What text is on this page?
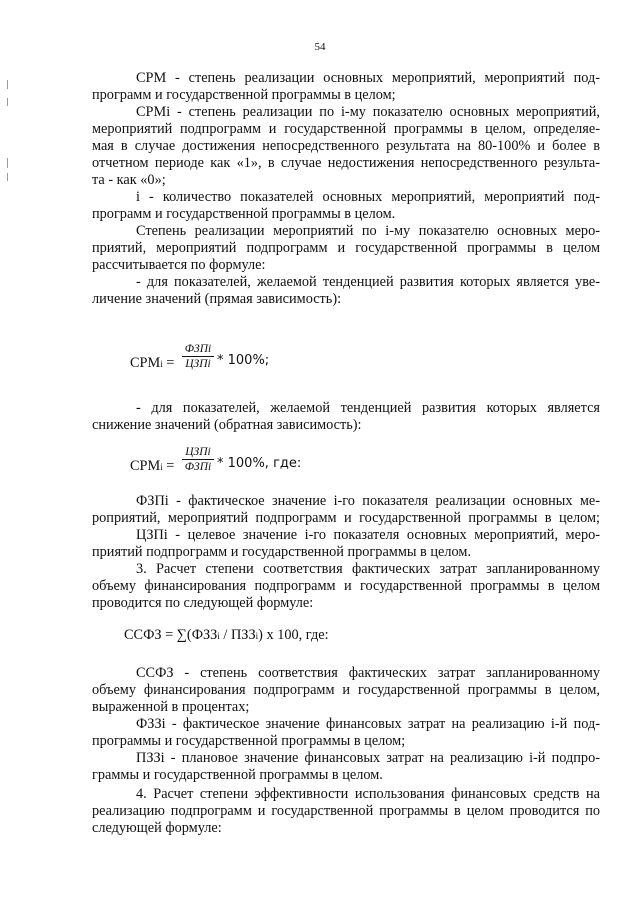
54
СРМ - степень реализации основных мероприятий, мероприятий под-
программ и государственной программы в целом;
СРМi - степень реализации по i-му показателю основных мероприятий,
мероприятий подпрограмм и государственной программы в целом, определяе-
мая в случае достижения непосредственного результата на 80-100% и более в
отчетном периоде как «1», в случае недостижения непосредственного результа-
та - как «0»;
i - количество показателей основных мероприятий, мероприятий под-
программ и государственной программы в целом.
Степень реализации мероприятий по i-му показателю основных меро-
приятий, мероприятий подпрограмм и государственной программы в целом
рассчитывается по формуле:
- для показателей, желаемой тенденцией развития которых является уве-
личение значений (прямая зависимость):
СРМi =
ФЗПi
ЦЗПi * 100%;
- для показателей, желаемой тенденцией развития которых является
снижение значений (обратная зависимость):
СРМi =
ЦЗПi
ФЗПi * 100%, где:
ФЗПi - фактическое значение i-го показателя реализации основных ме-
роприятий, мероприятий подпрограмм и государственной программы в целом;
ЦЗПi - целевое значение i-го показателя основных мероприятий, меро-
приятий подпрограмм и государственной программы в целом.
3. Расчет степени соответствия фактических затрат запланированному
объему финансирования подпрограмм и государственной программы в целом
проводится по следующей формуле:
ССФЗ = ∑(ФЗЗi / ПЗЗi) х 100, где:
ССФЗ - степень соответствия фактических затрат запланированному
объему финансирования подпрограмм и государственной программы в целом,
выраженной в процентах;
ФЗЗi - фактическое значение финансовых затрат на реализацию i-й под-
программы и государственной программы в целом;
ПЗЗi - плановое значение финансовых затрат на реализацию i-й подпро-
граммы и государственной программы в целом.
4. Расчет степени эффективности использования финансовых средств на
реализацию подпрограмм и государственной программы в целом проводится по
следующей формуле:
